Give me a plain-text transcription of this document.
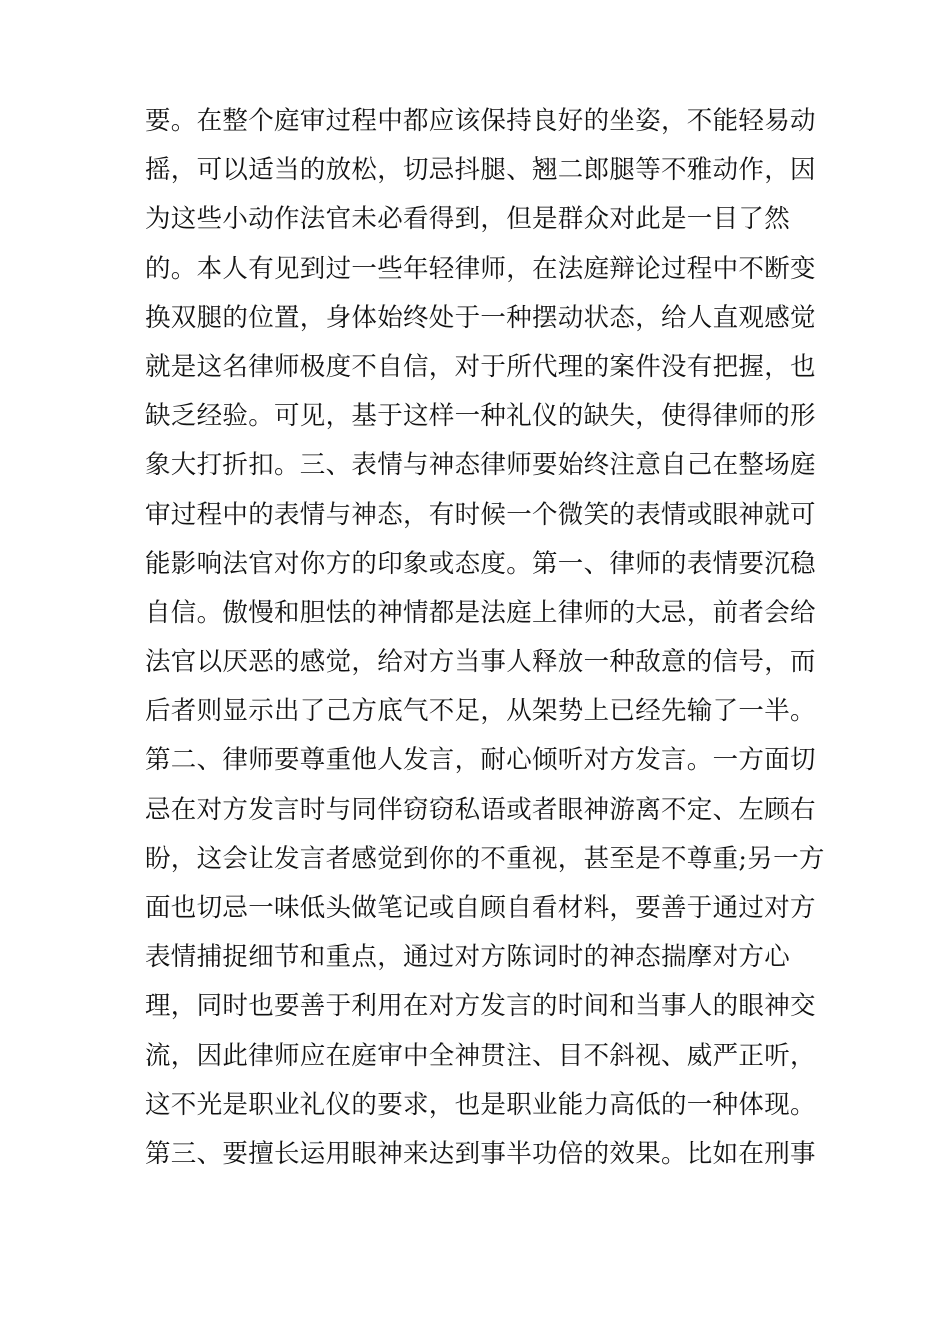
要。在整个庭审过程中都应该保持良好的坐姿，不能轻易动
摇，可以适当的放松，切忌抖腿、翘二郎腿等不雅动作，因
为这些小动作法官未必看得到，但是群众对此是一目了然
的。本人有见到过一些年轻律师，在法庭辩论过程中不断变
换双腿的位置，身体始终处于一种摆动状态，给人直观感觉
就是这名律师极度不自信，对于所代理的案件没有把握，也
缺乏经验。可见，基于这样一种礼仪的缺失，使得律师的形
象大打折扣。三、表情与神态律师要始终注意自己在整场庭
审过程中的表情与神态，有时候一个微笑的表情或眼神就可
能影响法官对你方的印象或态度。第一、律师的表情要沉稳
自信。傲慢和胆怯的神情都是法庭上律师的大忌，前者会给
法官以厌恶的感觉，给对方当事人释放一种敌意的信号，而
后者则显示出了己方底气不足，从架势上已经先输了一半。
第二、律师要尊重他人发言，耐心倾听对方发言。一方面切
忌在对方发言时与同伴窃窃私语或者眼神游离不定、左顾右
盼，这会让发言者感觉到你的不重视，甚至是不尊重;另一方
面也切忌一味低头做笔记或自顾自看材料，要善于通过对方
表情捕捉细节和重点，通过对方陈词时的神态揣摩对方心
理，同时也要善于利用在对方发言的时间和当事人的眼神交
流，因此律师应在庭审中全神贯注、目不斜视、威严正听，
这不光是职业礼仪的要求，也是职业能力高低的一种体现。
第三、要擅长运用眼神来达到事半功倍的效果。比如在刑事
